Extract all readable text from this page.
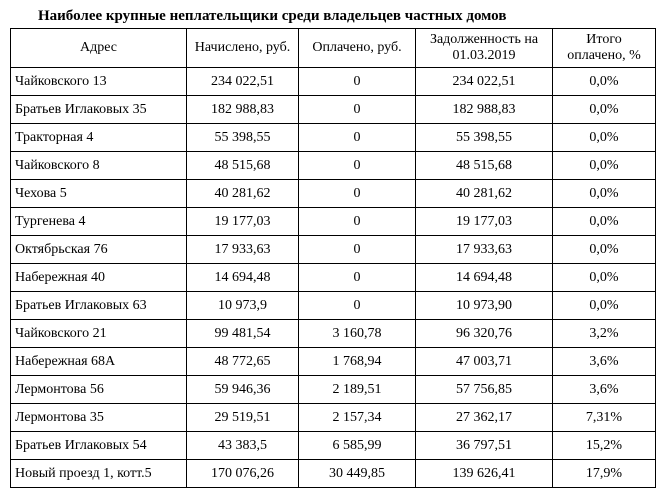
Наиболее крупные неплательщики среди владельцев частных домов
Адрес	Начислено, руб.	Оплачено, руб.	Задолженность на 01.03.2019	Итого оплачено, %
Чайковского 13	234 022,51	0	234 022,51	0,0%
Братьев Иглаковых 35	182 988,83	0	182 988,83	0,0%
Тракторная 4	55 398,55	0	55 398,55	0,0%
Чайковского 8	48 515,68	0	48 515,68	0,0%
Чехова 5	40 281,62	0	40 281,62	0,0%
Тургенева 4	19 177,03	0	19 177,03	0,0%
Октябрьская 76	17 933,63	0	17 933,63	0,0%
Набережная 40	14 694,48	0	14 694,48	0,0%
Братьев Иглаковых 63	10 973,9	0	10 973,90	0,0%
Чайковского 21	99 481,54	3 160,78	96 320,76	3,2%
Набережная 68А	48 772,65	1 768,94	47 003,71	3,6%
Лермонтова 56	59 946,36	2 189,51	57 756,85	3,6%
Лермонтова 35	29 519,51	2 157,34	27 362,17	7,31%
Братьев Иглаковых 54	43 383,5	6 585,99	36 797,51	15,2%
Новый проезд 1, котт.5	170 076,26	30 449,85	139 626,41	17,9%
